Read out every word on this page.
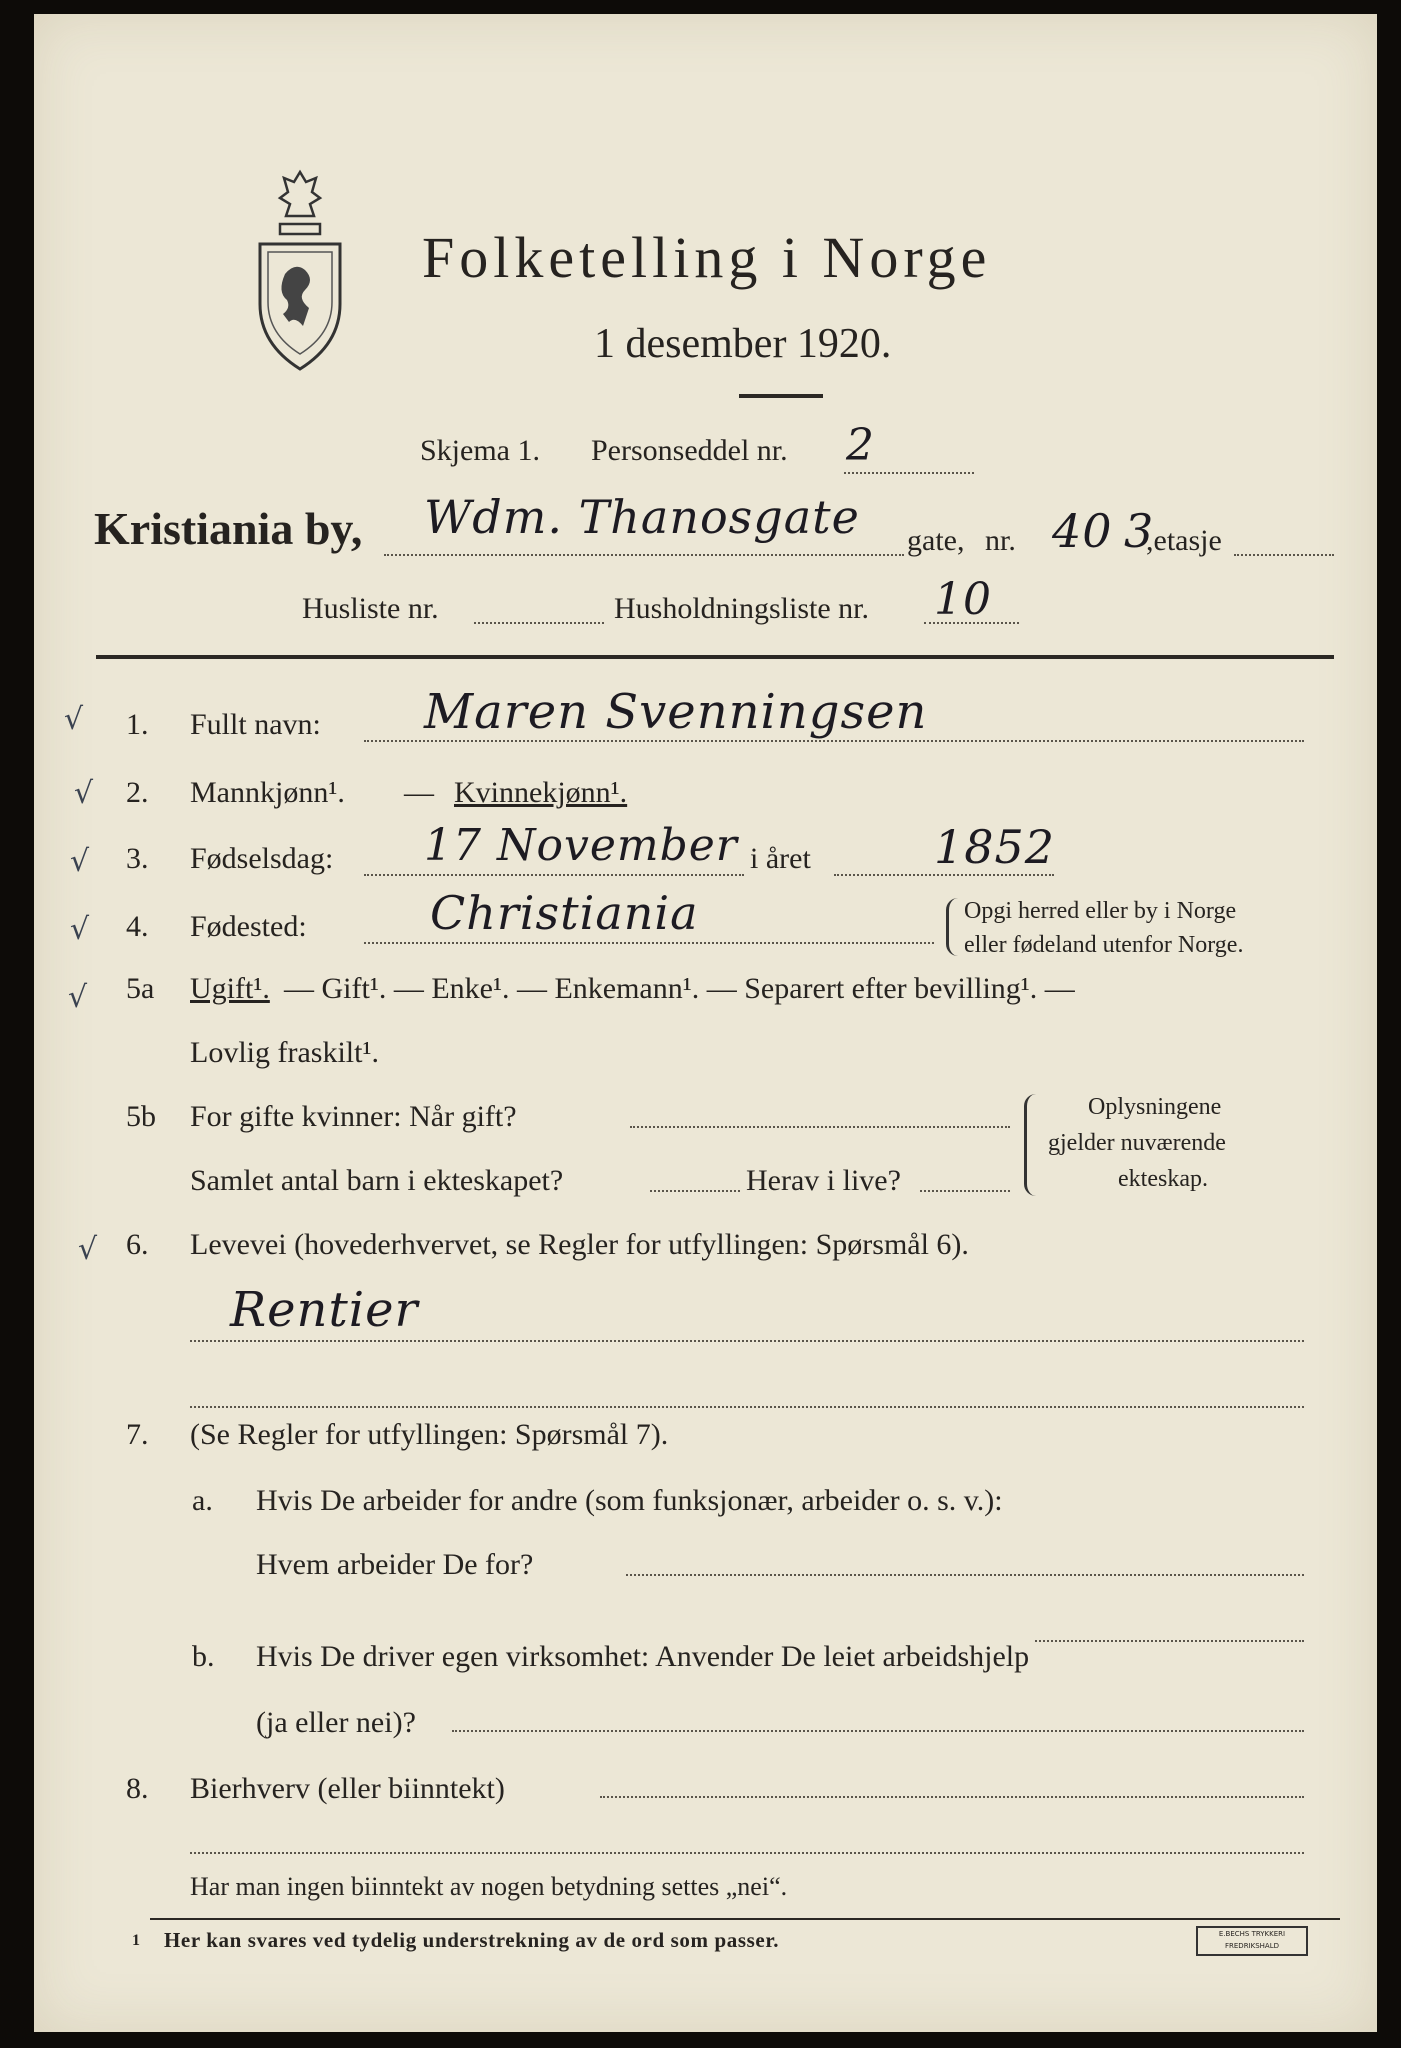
Folketelling i Norge
1 desember 1920.
Skjema 1. Personseddel nr. 2
Kristiania by, Wdm. Thanosgate gate, nr. 40 3
,etasje
Husliste nr.	Husholdningsliste nr. 10
√
√
√
√
√
√
1. Fullt navn: Maren Svenningsen
2. Mannkjønn¹. — Kvinnekjønn¹.
3. Fødselsdag: 17 November i året	1852
4. Fødested:	Christiania	Opgi herred eller by i Norge
eller fødeland utenfor Norge.
5a Ugift¹. — Gift¹. — Enke¹. — Enkemann¹. — Separert efter bevilling¹. —
Lovlig fraskilt¹.
5b For gifte kvinner: Når gift?
Samlet antal barn i ekteskapet?	Herav i live?
Oplysningene
gjelder nuværende
ekteskap.
6. Levevei (hovederhvervet, se Regler for utfyllingen: Spørsmål 6).
Rentier
7. (Se Regler for utfyllingen: Spørsmål 7).
a. Hvis De arbeider for andre (som funksjonær, arbeider o. s. v.):
Hvem arbeider De for?
b. Hvis De driver egen virksomhet: Anvender De leiet arbeidshjelp
(ja eller nei)?
8. Bierhverv (eller biinntekt)
Har man ingen biinntekt av nogen betydning settes „nei“.
1 Her kan svares ved tydelig understrekning av de ord som passer.	E.BECHS TRYKKERI FREDRIKSHALD
